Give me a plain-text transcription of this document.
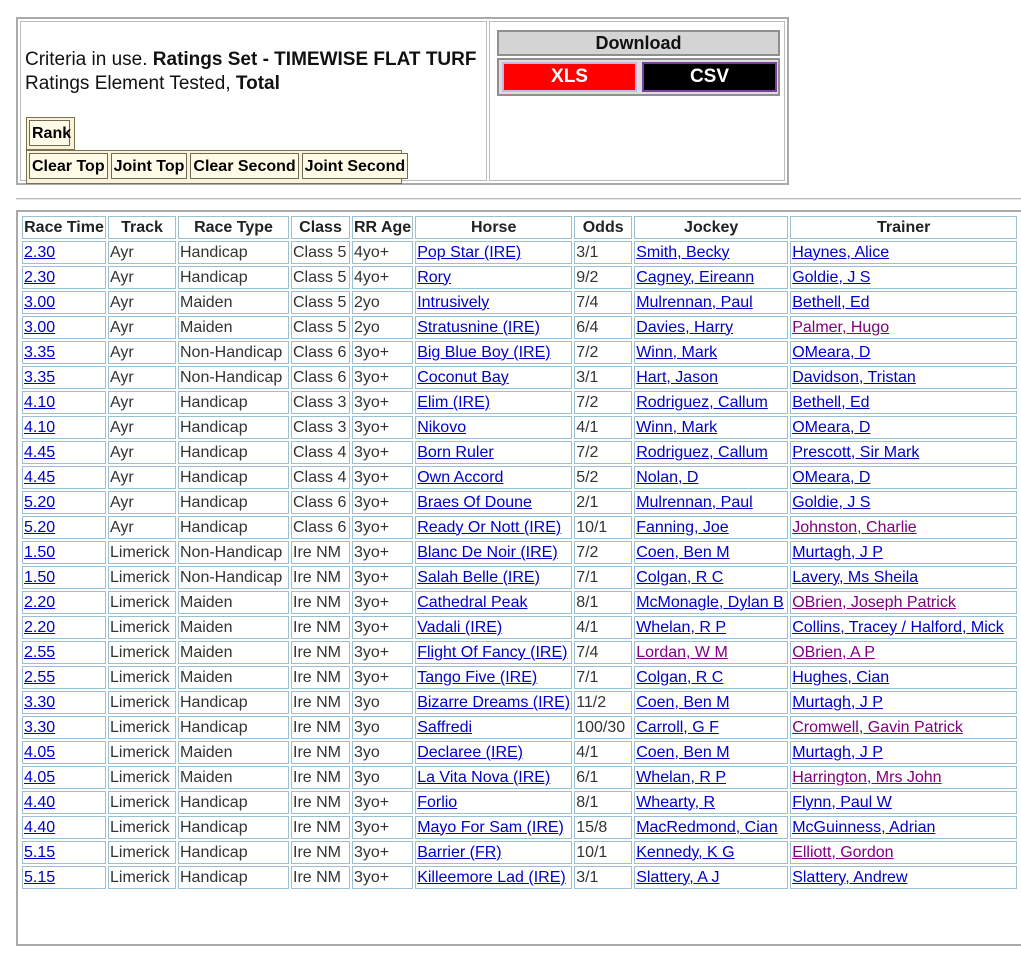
Criteria in use. Ratings Set - TIMEWISE FLAT TURF
Ratings Element Tested, Total
Rank
Clear Top Joint Top Clear Second Joint Second
Download
XLS	CSV
Race Time	Track	Race Type	Class	RR Age	Horse	Odds	Jockey	Trainer
2.30	Ayr	Handicap	Class 5	4yo+	Pop Star (IRE)	3/1	Smith, Becky	Haynes, Alice
2.30	Ayr	Handicap	Class 5	4yo+	Rory	9/2	Cagney, Eireann	Goldie, J S
3.00	Ayr	Maiden	Class 5	2yo	Intrusively	7/4	Mulrennan, Paul	Bethell, Ed
3.00	Ayr	Maiden	Class 5	2yo	Stratusnine (IRE)	6/4	Davies, Harry	Palmer, Hugo
3.35	Ayr	Non-Handicap	Class 6	3yo+	Big Blue Boy (IRE)	7/2	Winn, Mark	OMeara, D
3.35	Ayr	Non-Handicap	Class 6	3yo+	Coconut Bay	3/1	Hart, Jason	Davidson, Tristan
4.10	Ayr	Handicap	Class 3	3yo+	Elim (IRE)	7/2	Rodriguez, Callum	Bethell, Ed
4.10	Ayr	Handicap	Class 3	3yo+	Nikovo	4/1	Winn, Mark	OMeara, D
4.45	Ayr	Handicap	Class 4	3yo+	Born Ruler	7/2	Rodriguez, Callum	Prescott, Sir Mark
4.45	Ayr	Handicap	Class 4	3yo+	Own Accord	5/2	Nolan, D	OMeara, D
5.20	Ayr	Handicap	Class 6	3yo+	Braes Of Doune	2/1	Mulrennan, Paul	Goldie, J S
5.20	Ayr	Handicap	Class 6	3yo+	Ready Or Nott (IRE)	10/1	Fanning, Joe	Johnston, Charlie
1.50	Limerick	Non-Handicap	Ire NM	3yo+	Blanc De Noir (IRE)	7/2	Coen, Ben M	Murtagh, J P
1.50	Limerick	Non-Handicap	Ire NM	3yo+	Salah Belle (IRE)	7/1	Colgan, R C	Lavery, Ms Sheila
2.20	Limerick	Maiden	Ire NM	3yo+	Cathedral Peak	8/1	McMonagle, Dylan B	OBrien, Joseph Patrick
2.20	Limerick	Maiden	Ire NM	3yo+	Vadali (IRE)	4/1	Whelan, R P	Collins, Tracey / Halford, Mick
2.55	Limerick	Maiden	Ire NM	3yo+	Flight Of Fancy (IRE)	7/4	Lordan, W M	OBrien, A P
2.55	Limerick	Maiden	Ire NM	3yo+	Tango Five (IRE)	7/1	Colgan, R C	Hughes, Cian
3.30	Limerick	Handicap	Ire NM	3yo	Bizarre Dreams (IRE)	11/2	Coen, Ben M	Murtagh, J P
3.30	Limerick	Handicap	Ire NM	3yo	Saffredi	100/30	Carroll, G F	Cromwell, Gavin Patrick
4.05	Limerick	Maiden	Ire NM	3yo	Declaree (IRE)	4/1	Coen, Ben M	Murtagh, J P
4.05	Limerick	Maiden	Ire NM	3yo	La Vita Nova (IRE)	6/1	Whelan, R P	Harrington, Mrs John
4.40	Limerick	Handicap	Ire NM	3yo+	Forlio	8/1	Whearty, R	Flynn, Paul W
4.40	Limerick	Handicap	Ire NM	3yo+	Mayo For Sam (IRE)	15/8	MacRedmond, Cian	McGuinness, Adrian
5.15	Limerick	Handicap	Ire NM	3yo+	Barrier (FR)	10/1	Kennedy, K G	Elliott, Gordon
5.15	Limerick	Handicap	Ire NM	3yo+	Killeemore Lad (IRE)	3/1	Slattery, A J	Slattery, Andrew
